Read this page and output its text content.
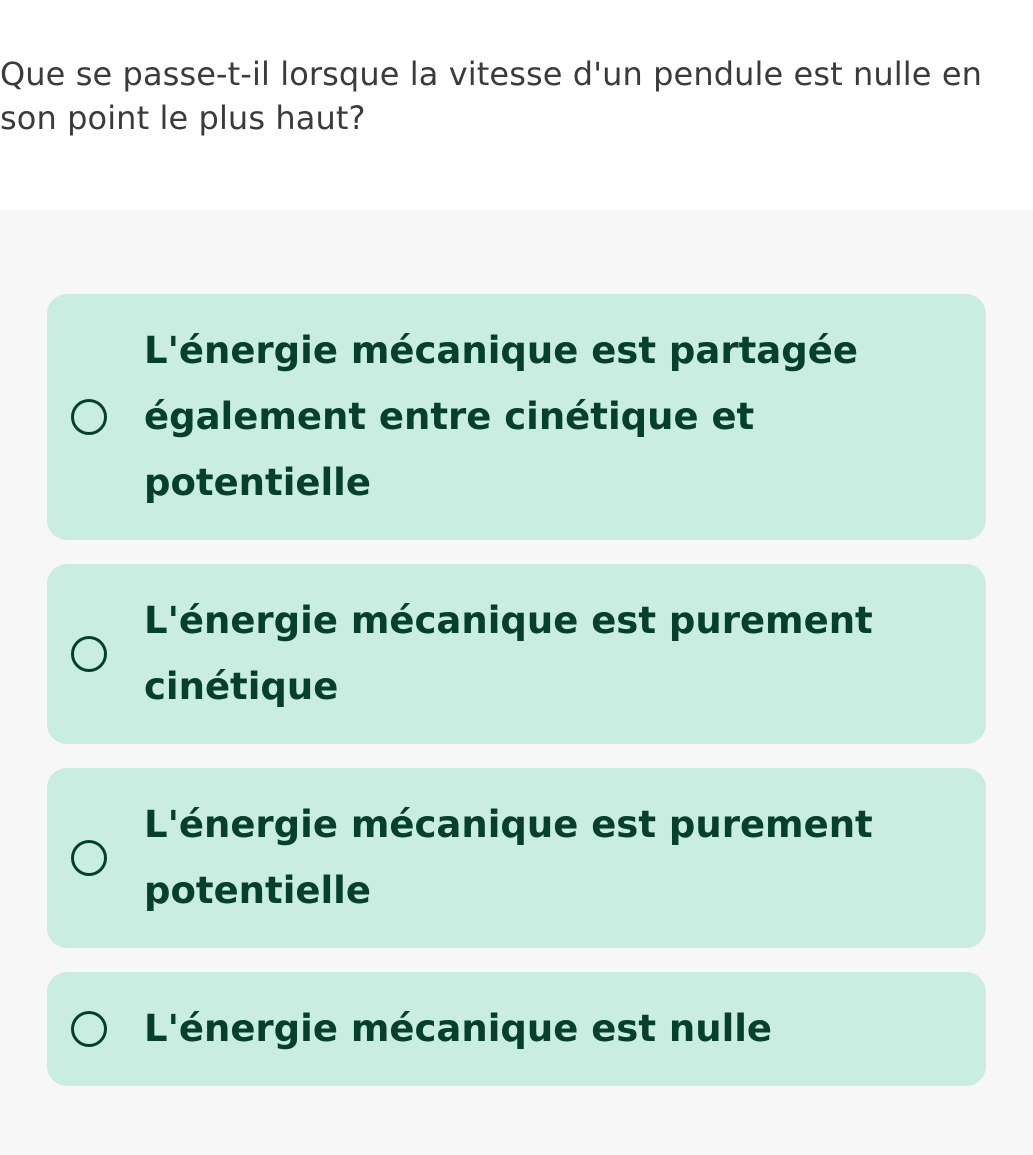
Que se passe-t-il lorsque la vitesse d'un pendule est nulle en son point le plus haut?

L'énergie mécanique est partagée également entre cinétique et potentielle
L'énergie mécanique est purement cinétique
L'énergie mécanique est purement potentielle
L'énergie mécanique est nulle
